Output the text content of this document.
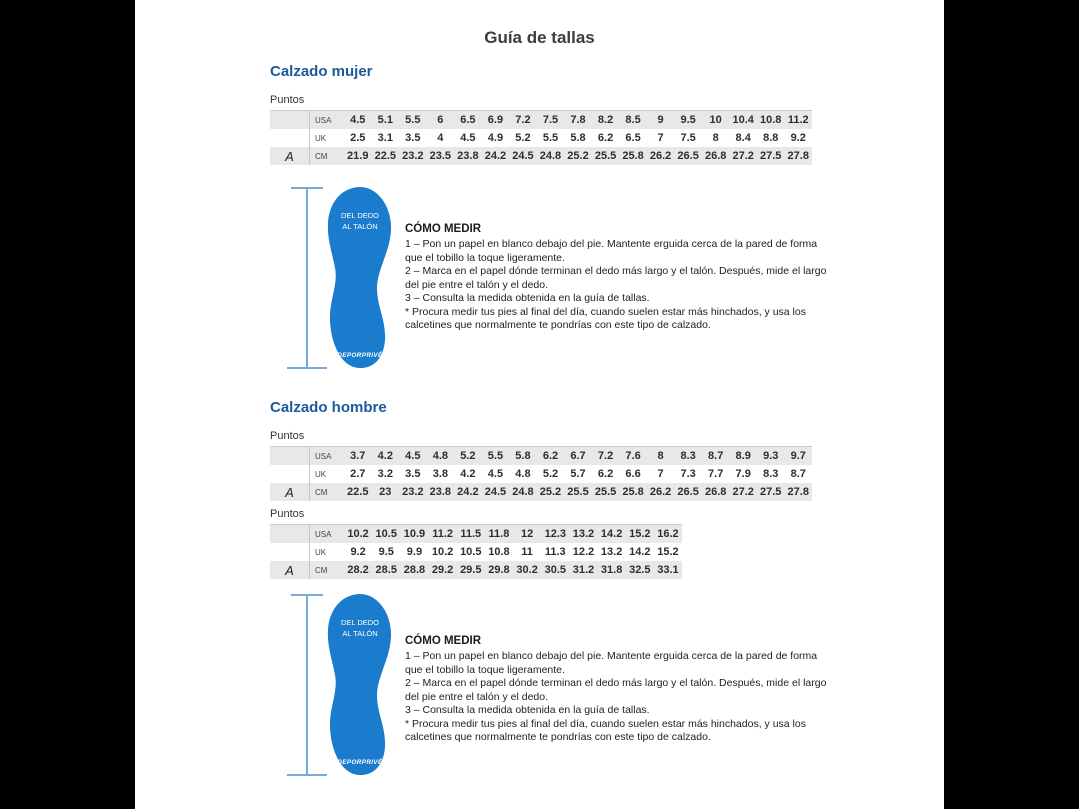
Guía de tallas
Calzado mujer
Puntos
USA	4.5	5.1	5.5	6	6.5	6.9	7.2	7.5	7.8	8.2	8.5	9	9.5	10 10.4 10.8 11.2
UK	2.5	3.1	3.5	4	4.5	4.9	5.2	5.5	5.8	6.2	6.5	7	7.5	8	8.4	8.8	9.2
A	CM	21.9 22.5 23.2 23.5 23.8 24.2 24.5 24.8 25.2 25.5 25.8 26.2 26.5 26.8 27.2 27.5 27.8
DEL DEDO
AL TALÓN
DEPORPRIVÉ
CÓMO MEDIR

1 – Pon un papel en blanco debajo del pie. Mantente erguida cerca de la pared de forma que el tobillo la toque ligeramente.

2 – Marca en el papel dónde terminan el dedo más largo y el talón. Después, mide el largo del pie entre el talón y el dedo.

3 – Consulta la medida obtenida en la guía de tallas.

* Procura medir tus pies al final del día, cuando suelen estar más hinchados, y usa los calcetines que normalmente te pondrías con este tipo de calzado.

Calzado hombre
Puntos
USA	3.7	4.2	4.5	4.8	5.2	5.5	5.8	6.2	6.7	7.2	7.6	8	8.3	8.7	8.9	9.3	9.7
UK	2.7	3.2	3.5	3.8	4.2	4.5	4.8	5.2	5.7	6.2	6.6	7	7.3	7.7	7.9	8.3	8.7
A	CM	22.5 23 23.2 23.8 24.2 24.5 24.8 25.2 25.5 25.5 25.8 26.2 26.5 26.8 27.2 27.5 27.8
Puntos
USA	10.2 10.5 10.9 11.2 11.5 11.8	12	12.3 13.2 14.2 15.2 16.2
UK	9.2	9.5	9.9 10.2 10.5 10.8	11	11.3 12.2 13.2 14.2 15.2
A	CM	28.2 28.5 28.8 29.2 29.5 29.8 30.2 30.5 31.2 31.8 32.5 33.1
DEL DEDO
AL TALÓN
DEPORPRIVÉ
CÓMO MEDIR

1 – Pon un papel en blanco debajo del pie. Mantente erguida cerca de la pared de forma que el tobillo la toque ligeramente.

2 – Marca en el papel dónde terminan el dedo más largo y el talón. Después, mide el largo del pie entre el talón y el dedo.

3 – Consulta la medida obtenida en la guía de tallas.

* Procura medir tus pies al final del día, cuando suelen estar más hinchados, y usa los calcetines que normalmente te pondrías con este tipo de calzado.
